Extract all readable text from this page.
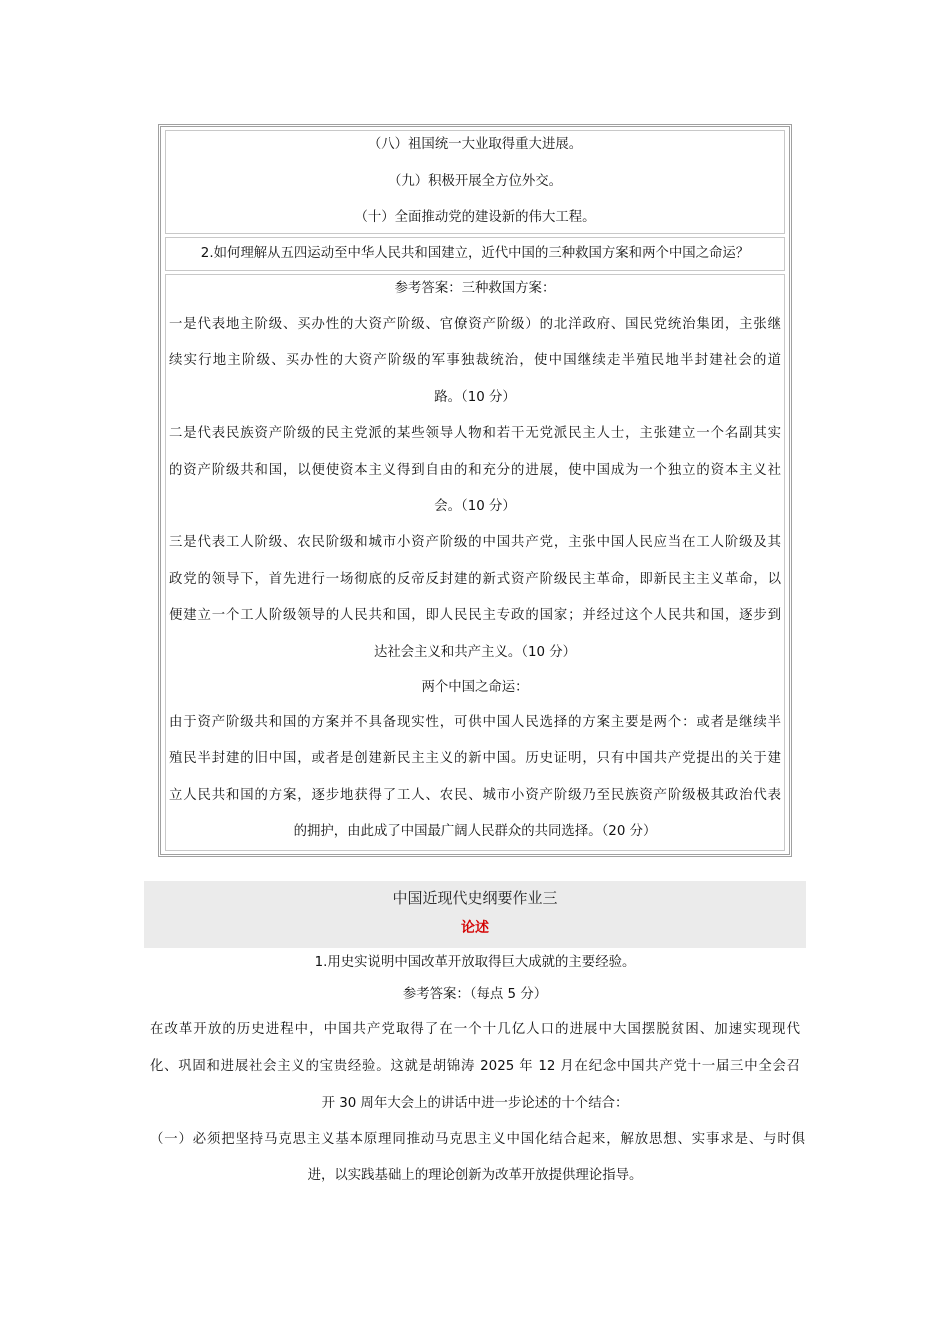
（八）祖国统一大业取得重大进展。
（九）积极开展全方位外交。
（十）全面推动党的建设新的伟大工程。
2.如何理解从五四运动至中华人民共和国建立，近代中国的三种救国方案和两个中国之命运？
参考答案：三种救国方案：
一是代表地主阶级、买办性的大资产阶级、官僚资产阶级）的北洋政府、国民党统治集团，主张继
续实行地主阶级、买办性的大资产阶级的军事独裁统治，使中国继续走半殖民地半封建社会的道
路。（10 分）
二是代表民族资产阶级的民主党派的某些领导人物和若干无党派民主人士，主张建立一个名副其实
的资产阶级共和国，以便使资本主义得到自由的和充分的进展，使中国成为一个独立的资本主义社
会。（10 分）
三是代表工人阶级、农民阶级和城市小资产阶级的中国共产党，主张中国人民应当在工人阶级及其
政党的领导下，首先进行一场彻底的反帝反封建的新式资产阶级民主革命，即新民主主义革命，以
便建立一个工人阶级领导的人民共和国，即人民民主专政的国家；并经过这个人民共和国，逐步到
达社会主义和共产主义。（10 分）
两个中国之命运：
由于资产阶级共和国的方案并不具备现实性，可供中国人民选择的方案主要是两个：或者是继续半
殖民半封建的旧中国，或者是创建新民主主义的新中国。历史证明，只有中国共产党提出的关于建
立人民共和国的方案，逐步地获得了工人、农民、城市小资产阶级乃至民族资产阶级极其政治代表
的拥护，由此成了中国最广阔人民群众的共同选择。（20 分）
中国近现代史纲要作业三
论述
1.用史实说明中国改革开放取得巨大成就的主要经验。
参考答案：（每点 5 分）
在改革开放的历史进程中，中国共产党取得了在一个十几亿人口的进展中大国摆脱贫困、加速实现现代
化、巩固和进展社会主义的宝贵经验。这就是胡锦涛 2025 年 12 月在纪念中国共产党十一届三中全会召
开 30 周年大会上的讲话中进一步论述的十个结合：
（一）必须把坚持马克思主义基本原理同推动马克思主义中国化结合起来，解放思想、实事求是、与时俱
进，以实践基础上的理论创新为改革开放提供理论指导。
